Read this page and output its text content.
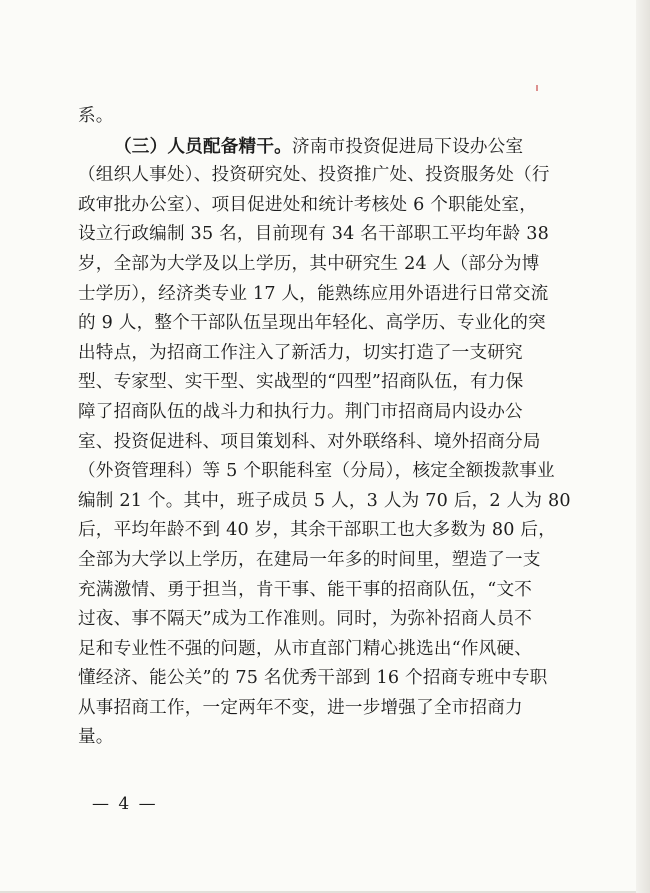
系。
（三）人员配备精干。济南市投资促进局下设办公室
（组织人事处）、投资研究处、投资推广处、投资服务处（行
政审批办公室）、项目促进处和统计考核处 6 个职能处室，
设立行政编制 35 名，目前现有 34 名干部职工平均年龄 38
岁，全部为大学及以上学历，其中研究生 24 人（部分为博
士学历），经济类专业 17 人，能熟练应用外语进行日常交流
的 9 人，整个干部队伍呈现出年轻化、高学历、专业化的突
出特点，为招商工作注入了新活力，切实打造了一支研究
型、专家型、实干型、实战型的“四型”招商队伍，有力保
障了招商队伍的战斗力和执行力。荆门市招商局内设办公
室、投资促进科、项目策划科、对外联络科、境外招商分局
（外资管理科）等 5 个职能科室（分局），核定全额拨款事业
编制 21 个。其中，班子成员 5 人，3 人为 70 后，2 人为 80
后，平均年龄不到 40 岁，其余干部职工也大多数为 80 后，
全部为大学以上学历，在建局一年多的时间里，塑造了一支
充满激情、勇于担当，肯干事、能干事的招商队伍，“文不
过夜、事不隔天”成为工作准则。同时，为弥补招商人员不
足和专业性不强的问题，从市直部门精心挑选出“作风硬、
懂经济、能公关”的 75 名优秀干部到 16 个招商专班中专职
从事招商工作，一定两年不变，进一步增强了全市招商力
量。
— 4 —
